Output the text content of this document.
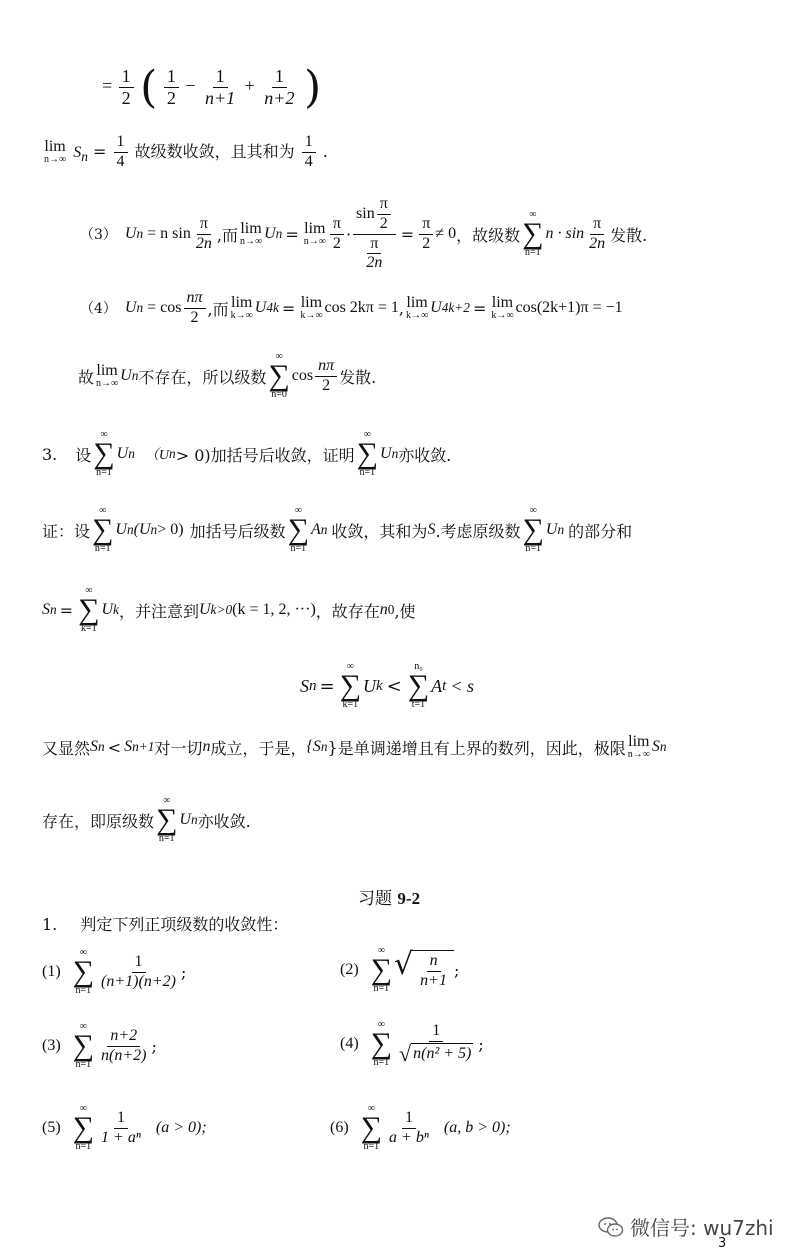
= $\frac{1}{2}$ ( $\frac{1}{2} - \frac{1}{n+1} + \frac{1}{n+2}$ )
lim
n→∞ $S_n = \frac{1}{4}$ 故级数收敛，且其和为 $\frac{1}{4}$ .
（3） U n = n $\sin \frac{\pi}{2n}$ ,而 lim
n→∞ U n = lim
$n\to\infty \frac{\pi}{2} \cdot \frac{\sin \frac{\pi}{2}}{\frac{\pi}{2n}} = \frac{\pi}{2} \ne 0$ ，故级数
∞
∑
n=1
$n \cdot \sin \frac{\pi}{2n}$ 发散.
（4） U $n = \cos \frac{n\pi}{2}$ ,而 lim
k→∞ U 4k = lim
k→∞ cos 2kπ = 1 , lim
k→∞ U 4k+2 = lim
k→∞ cos(2k+1)π = −1
故 lim
n→∞ U n 不存在，所以级数
∞
∑
n=0
$\cos \frac{n\pi}{2}$ 发散.
3. 设
∞
∑
n=1
U n （U n > 0)加括号后收敛，证明
∞
∑
n=1
U n 亦收敛.
证：设
∞
∑
n=1
U n (U n > 0) 加括号后级数
∞
∑
n=1
A n 收敛，其和为 S .考虑原级数
∞
∑
n=1
U n 的部分和
S n =
∞
∑
k=1
U k ，并注意到 U k>0 (k = 1, 2, ···) ，故存在 n 0 ,使
S n =
∞
∑
k=1
U k <
n₀
∑
t=1
A t < s
又显然 S n < S n+1 对一切 n 成立，于是， {S n } 是单调递增且有上界的数列，因此，极限 lim
n→∞ S n
存在，即原级数
∞
∑
n=1
U n 亦收敛.
习题 9-2
1. 判定下列正项级数的收敛性：
(1)
∞
∑
n=1
$\frac{1}{(n+1)(n+2)}$ ;	(2)
∞
∑
n=1
√ $\frac{n}{n+1}$ ;
(3)
∞
∑
n=1
$\frac{n+2}{n(n+2)}$ ;	(4)
∞
∑
$n=1 \frac{1}{\text{√ n(n² + 5)}}$ ;
(5)
∞
∑
n=1
$\frac{1}{\text{1 + aⁿ}} (a > 0)$;	(6)
∞
∑
n=1
$\frac{1}{\text{a + bⁿ}} (a$, b > 0);
微信号: wu7zhi
3
